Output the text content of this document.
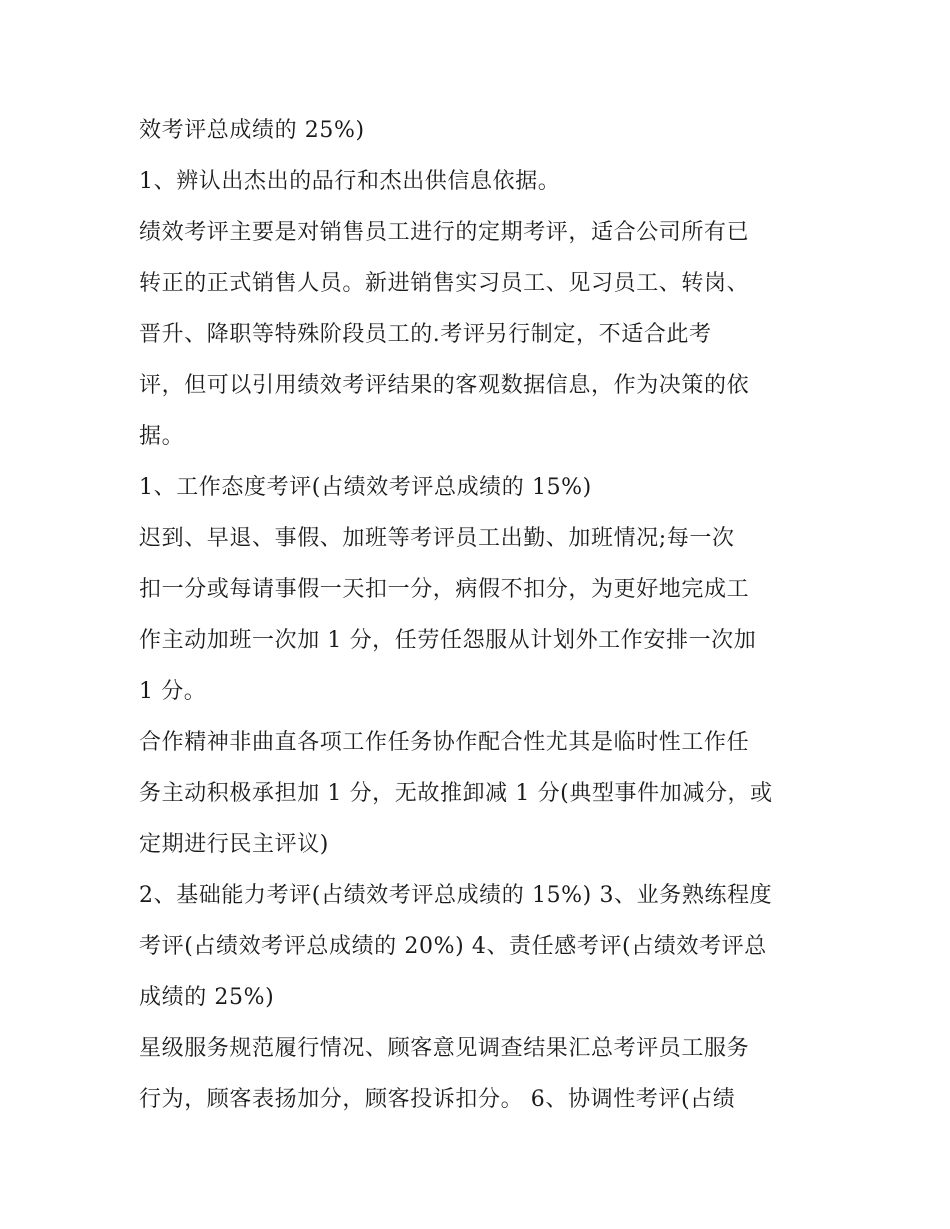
效考评总成绩的 25%)
1、辨认出杰出的品行和杰出供信息依据。
绩效考评主要是对销售员工进行的定期考评，适合公司所有已
转正的正式销售人员。新进销售实习员工、见习员工、转岗、
晋升、降职等特殊阶段员工的.考评另行制定，不适合此考
评，但可以引用绩效考评结果的客观数据信息，作为决策的依
据。
1、工作态度考评(占绩效考评总成绩的 15%)
迟到、早退、事假、加班等考评员工出勤、加班情况;每一次
扣一分或每请事假一天扣一分，病假不扣分，为更好地完成工
作主动加班一次加 1 分，任劳任怨服从计划外工作安排一次加
1 分。
合作精神非曲直各项工作任务协作配合性尤其是临时性工作任
务主动积极承担加 1 分，无故推卸减 1 分(典型事件加减分，或
定期进行民主评议)
2、基础能力考评(占绩效考评总成绩的 15%) 3、业务熟练程度
考评(占绩效考评总成绩的 20%) 4、责任感考评(占绩效考评总
成绩的 25%)
星级服务规范履行情况、顾客意见调查结果汇总考评员工服务
行为，顾客表扬加分，顾客投诉扣分。 6、协调性考评(占绩
